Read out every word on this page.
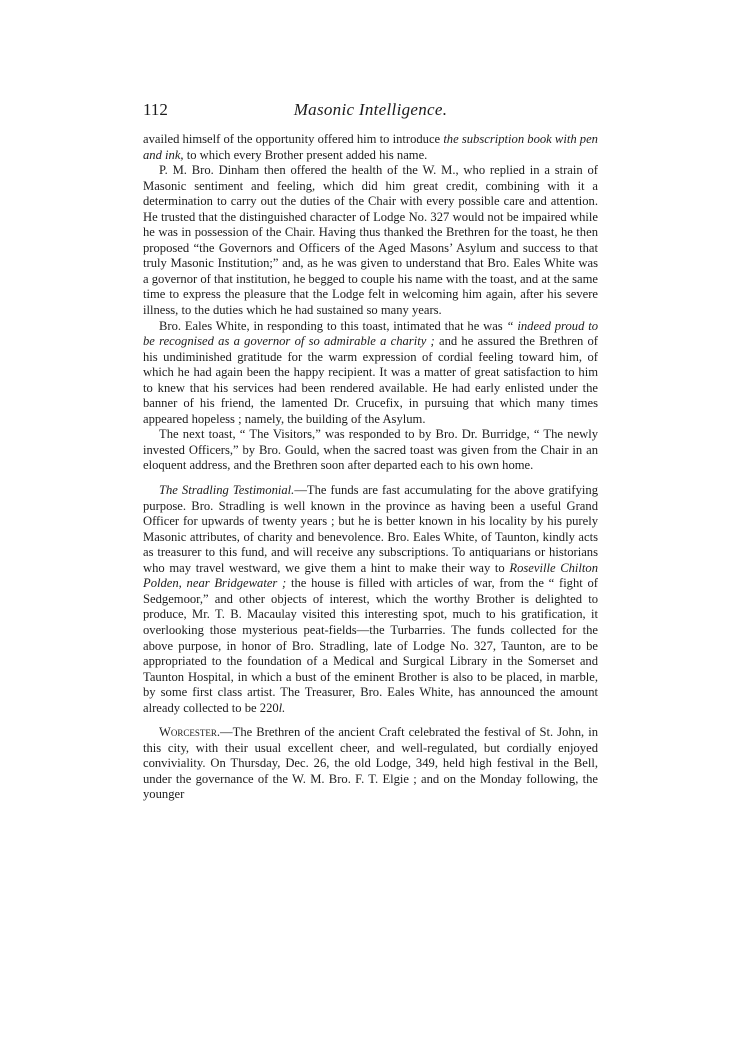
112	Masonic Intelligence.

availed himself of the opportunity offered him to introduce the subscription book with pen and ink, to which every Brother present added his name.

P. M. Bro. Dinham then offered the health of the W. M., who replied in a strain of Masonic sentiment and feeling, which did him great credit, combining with it a determination to carry out the duties of the Chair with every possible care and attention. He trusted that the distinguished character of Lodge No. 327 would not be impaired while he was in possession of the Chair. Having thus thanked the Brethren for the toast, he then proposed “the Governors and Officers of the Aged Masons’ Asylum and success to that truly Masonic Institution;” and, as he was given to understand that Bro. Eales White was a governor of that institution, he begged to couple his name with the toast, and at the same time to express the pleasure that the Lodge felt in welcoming him again, after his severe illness, to the duties which he had sustained so many years.

Bro. Eales White, in responding to this toast, intimated that he was “ indeed proud to be recognised as a governor of so admirable a charity ; and he assured the Brethren of his undiminished gratitude for the warm expression of cordial feeling toward him, of which he had again been the happy recipient. It was a matter of great satisfaction to him to knew that his services had been rendered available. He had early enlisted under the banner of his friend, the lamented Dr. Crucefix, in pursuing that which many times appeared hopeless ; namely, the building of the Asylum.

The next toast, “ The Visitors,” was responded to by Bro. Dr. Burridge, “ The newly invested Officers,” by Bro. Gould, when the sacred toast was given from the Chair in an eloquent address, and the Brethren soon after departed each to his own home.

The Stradling Testimonial.—The funds are fast accumulating for the above gratifying purpose. Bro. Stradling is well known in the province as having been a useful Grand Officer for upwards of twenty years ; but he is better known in his locality by his purely Masonic attributes, of charity and benevolence. Bro. Eales White, of Taunton, kindly acts as treasurer to this fund, and will receive any subscriptions. To antiquarians or historians who may travel westward, we give them a hint to make their way to Roseville Chilton Polden, near Bridgewater ; the house is filled with articles of war, from the “ fight of Sedgemoor,” and other objects of interest, which the worthy Brother is delighted to produce, Mr. T. B. Macaulay visited this interesting spot, much to his gratification, it overlooking those mysterious peat-fields—the Turbarries. The funds collected for the above purpose, in honor of Bro. Stradling, late of Lodge No. 327, Taunton, are to be appropriated to the foundation of a Medical and Surgical Library in the Somerset and Taunton Hospital, in which a bust of the eminent Brother is also to be placed, in marble, by some first class artist. The Treasurer, Bro. Eales White, has announced the amount already collected to be 220l.

Worcester.—The Brethren of the ancient Craft celebrated the festival of St. John, in this city, with their usual excellent cheer, and well-regulated, but cordially enjoyed conviviality. On Thursday, Dec. 26, the old Lodge, 349, held high festival in the Bell, under the governance of the W. M. Bro. F. T. Elgie ; and on the Monday following, the younger
